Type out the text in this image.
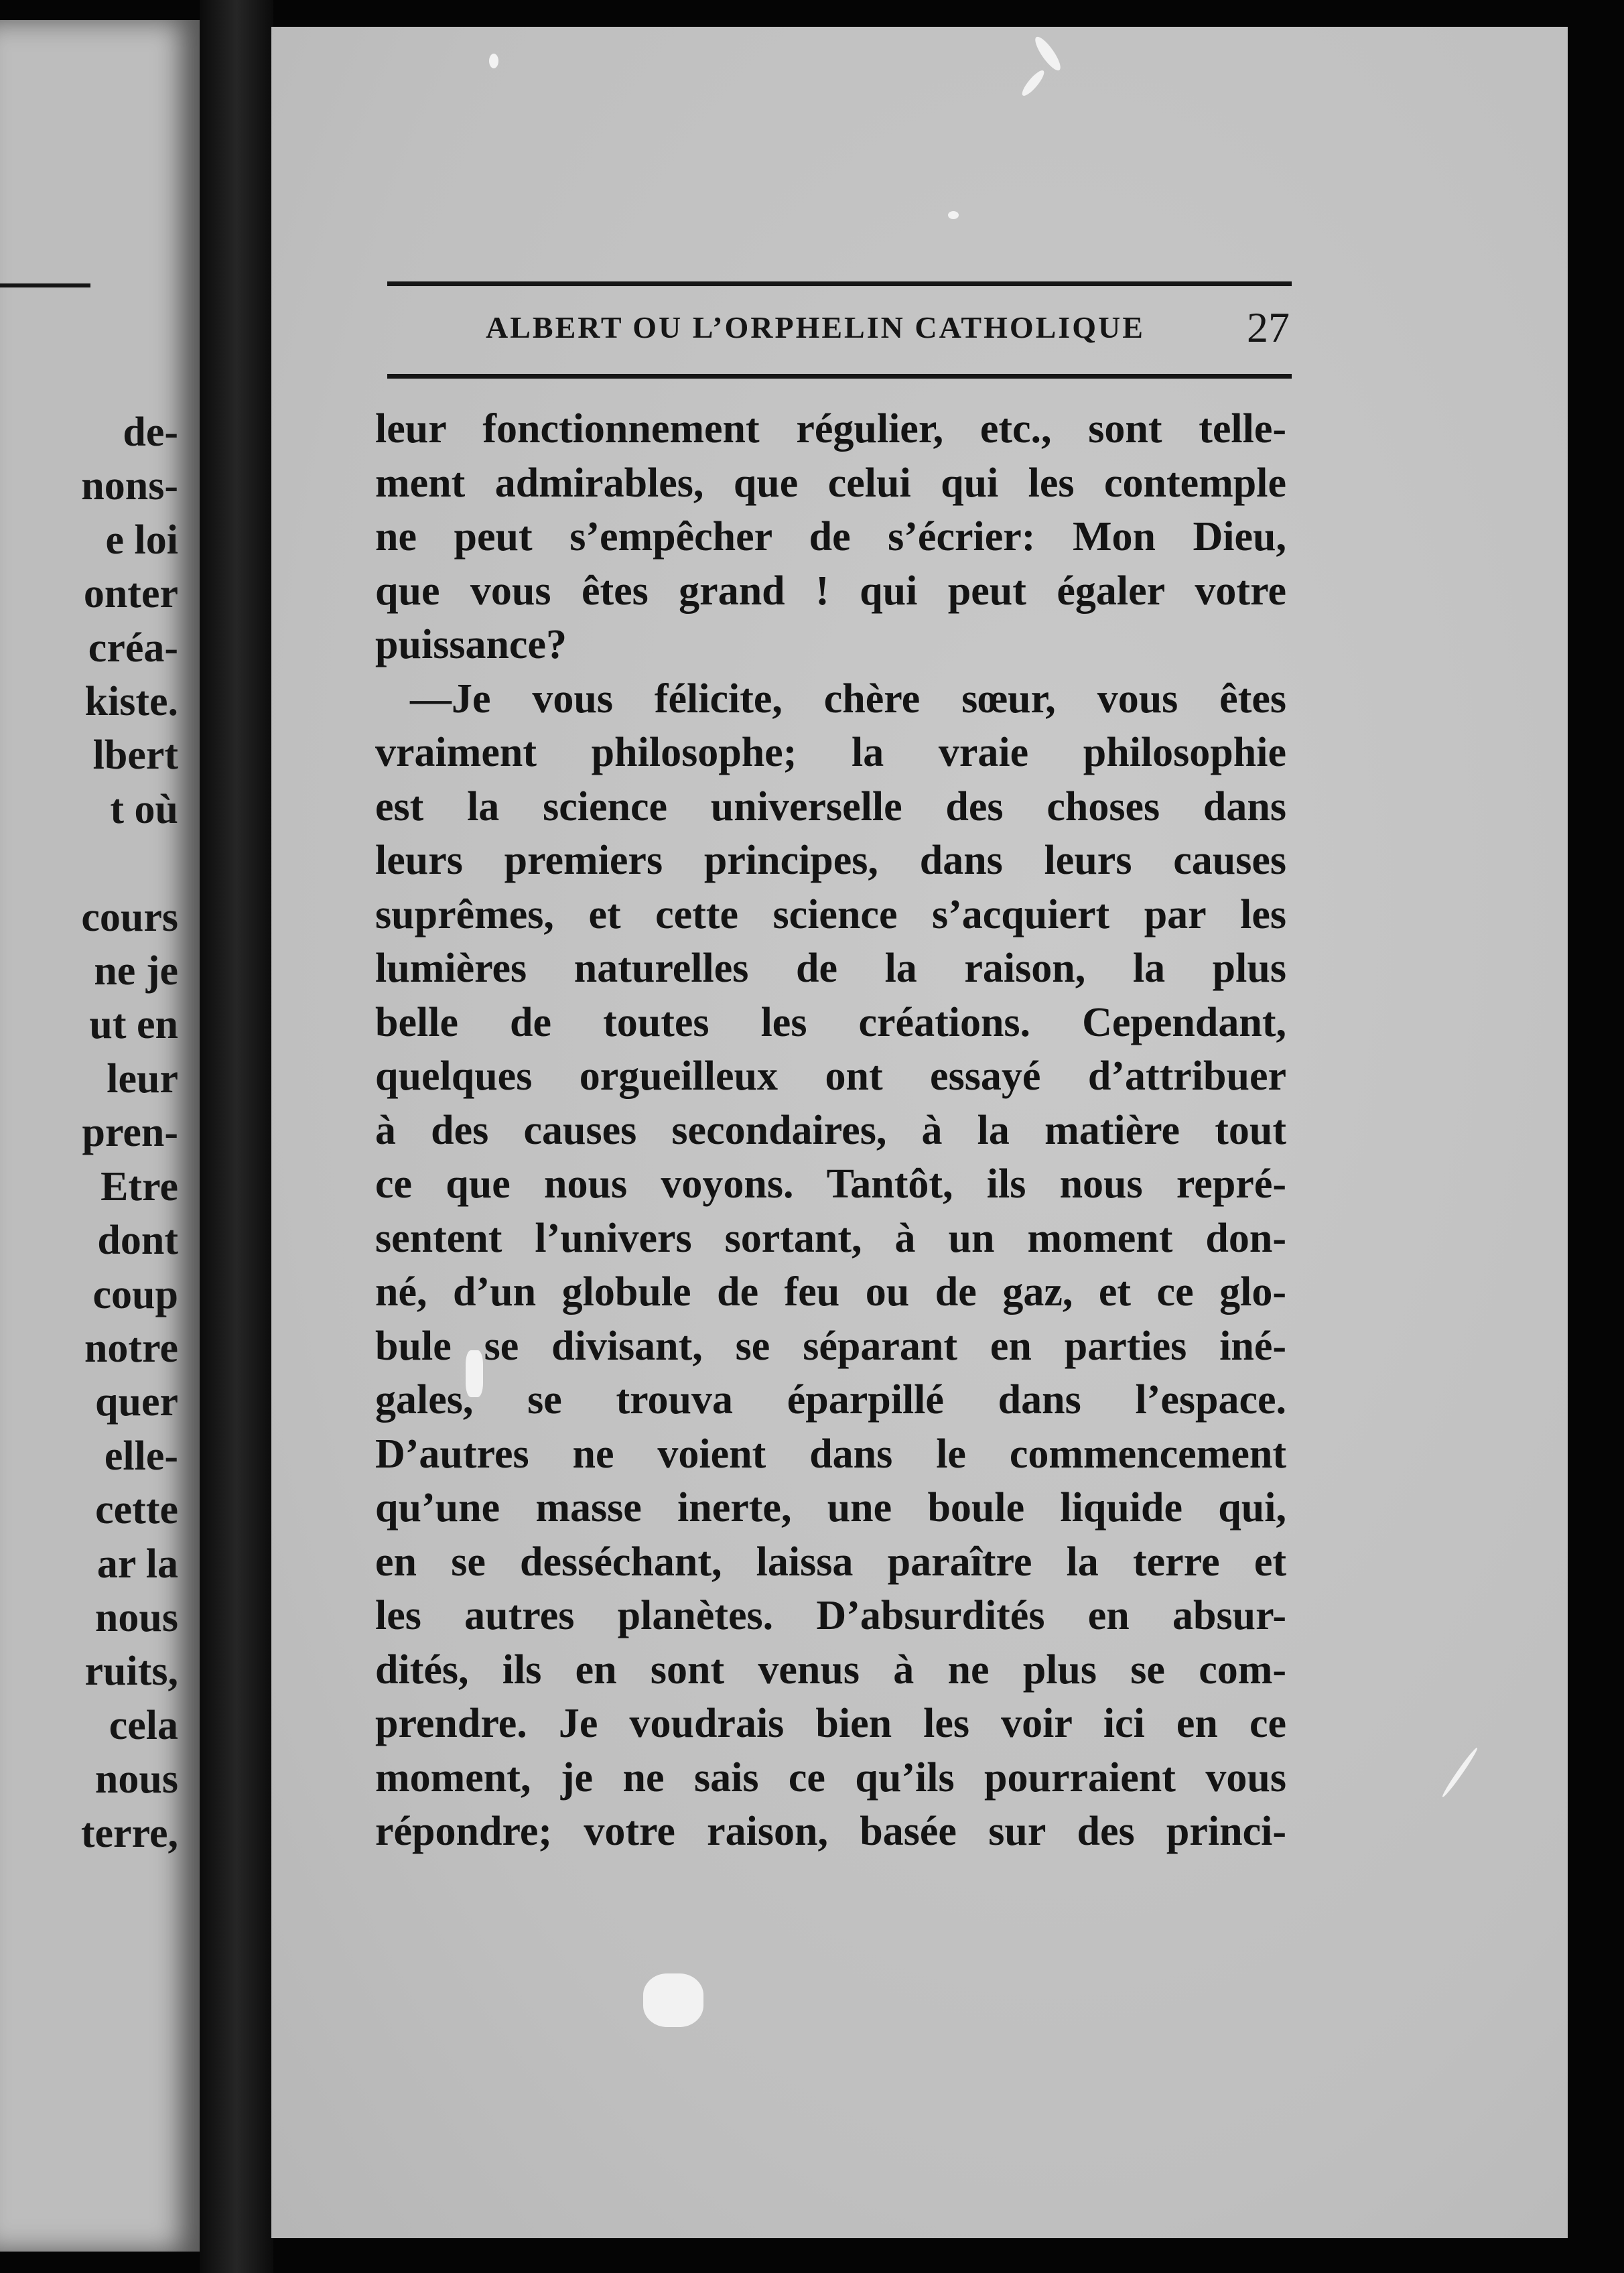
de-
nons-
e loi
onter
créa-
kiste.
lbert
t où

cours
ne je
ut en
leur
pren-
Etre
dont
coup
notre
quer
elle-
cette
ar la
nous
ruits,
cela
nous
terre,
ALBERT OU L’ORPHELIN CATHOLIQUE 27
leur fonctionnement régulier, etc., sont telle-
ment admirables, que celui qui les contemple
ne peut s’empêcher de s’écrier: Mon Dieu,
que vous êtes grand ! qui peut égaler votre
puissance?
—Je vous félicite, chère sœur, vous êtes
vraiment philosophe; la vraie philosophie
est la science universelle des choses dans
leurs premiers principes, dans leurs causes
suprêmes, et cette science s’acquiert par les
lumières naturelles de la raison, la plus
belle de toutes les créations. Cependant,
quelques orgueilleux ont essayé d’attribuer
à des causes secondaires, à la matière tout
ce que nous voyons. Tantôt, ils nous repré-
sentent l’univers sortant, à un moment don-
né, d’un globule de feu ou de gaz, et ce glo-
bule se divisant, se séparant en parties iné-
gales, se trouva éparpillé dans l’espace.
D’autres ne voient dans le commencement
qu’une masse inerte, une boule liquide qui,
en se desséchant, laissa paraître la terre et
les autres planètes. D’absurdités en absur-
dités, ils en sont venus à ne plus se com-
prendre. Je voudrais bien les voir ici en ce
moment, je ne sais ce qu’ils pourraient vous
répondre; votre raison, basée sur des princi-
